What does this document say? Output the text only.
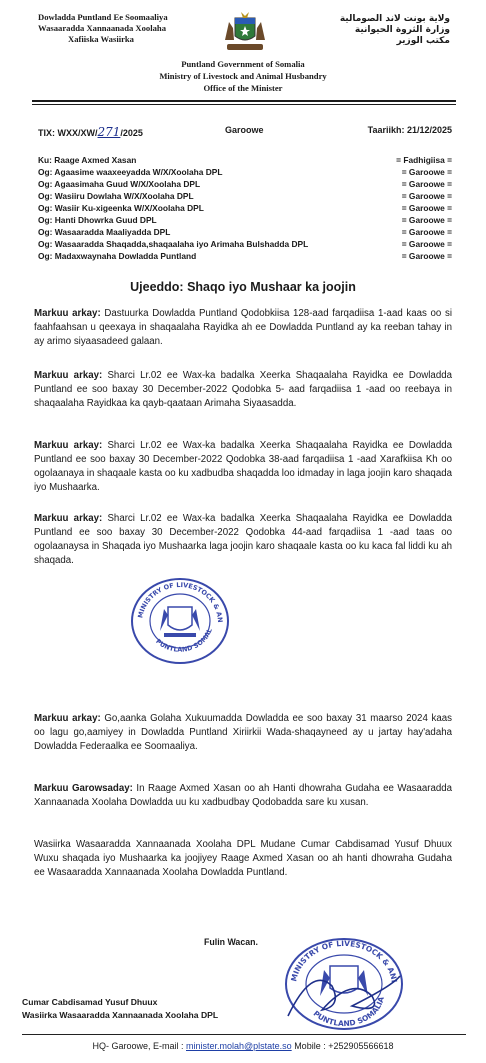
Dowladda Puntland Ee Soomaaliya
Wasaaradda Xannaanada Xoolaha
Xafiiska Wasiirka
ولاية بونت لاند الصومالية
وزارة الثروة الحيوانية
مكتب الوزير
Puntland Government of Somalia
Ministry of Livestock and Animal Husbandry
Office of the Minister
TIX: WXX/XW/271/2025	Garoowe	Taariikh: 21/12/2025
Ku: Raage Axmed Xasan	= Fadhigiisa =
Og: Agaasime waaxeeyadda W/X/Xoolaha DPL	= Garoowe =
Og: Agaasimaha Guud W/X/Xoolaha DPL	= Garoowe =
Og: Wasiiru Dowlaha W/X/Xoolaha DPL	= Garoowe =
Og: Wasiir Ku-xigeenka W/X/Xoolaha DPL	= Garoowe =
Og: Hanti Dhowrka Guud DPL	= Garoowe =
Og: Wasaaradda Maaliyadda DPL	= Garoowe =
Og: Wasaaradda Shaqadda,shaqaalaha iyo Arimaha Bulshadda DPL	= Garoowe =
Og: Madaxwaynaha Dowladda Puntland	= Garoowe =
Ujeeddo: Shaqo iyo Mushaar ka joojin
Markuu arkay: Dastuurka Dowladda Puntland Qodobkiisa 128-aad farqadiisa 1-aad kaas oo si faahfaahsan u qeexaya in shaqaalaha Rayidka ah ee Dowladda Puntland ay ka reeban tahay in ay arimo siyaasadeed galaan.
Markuu arkay: Sharci Lr.02 ee Wax-ka badalka Xeerka Shaqaalaha Rayidka ee Dowladda Puntland ee soo baxay 30 December-2022 Qodobka 5- aad farqadiisa 1 -aad oo reebaya in shaqaalaha Rayidkaa ka qayb-qaataan Arimaha Siyaasadda.
Markuu arkay: Sharci Lr.02 ee Wax-ka badalka Xeerka Shaqaalaha Rayidka ee Dowladda Puntland ee soo baxay 30 December-2022 Qodobka 38-aad farqadiisa 1 -aad Xarafkiisa Kh oo ogolaanaya in shaqaale kasta oo ku xadbudba shaqadda loo idmaday in laga joojin karo shaqada iyo Mushaarka.
Markuu arkay: Sharci Lr.02 ee Wax-ka badalka Xeerka Shaqaalaha Rayidka ee Dowladda Puntland ee soo baxay 30 December-2022 Qodobka 44-aad farqadiisa 1 -aad taas oo ogolaanaysa in Shaqada iyo Mushaarka laga joojin karo shaqaale kasta oo ku kaca fal liddi ku ah shaqada.
MINISTRY OF LIVESTOCK & AN
PUNTLAND SOMAL
Markuu arkay: Go,aanka Golaha Xukuumadda Dowladda ee soo baxay 31 maarso 2024 kaas oo lagu go,aamiyey in Dowladda Puntland Xiriirkii Wada-shaqayneed ay u jartay hay'adaha Dowladda Federaalka ee Soomaaliya.
Markuu Garowsaday: In Raage Axmed Xasan oo ah Hanti dhowraha Gudaha ee Wasaaradda Xannaanada Xoolaha Dowladda uu ku xadbudbay Qodobadda sare ku xusan.
Wasiirka Wasaaradda Xannaanada Xoolaha DPL Mudane Cumar Cabdisamad Yusuf Dhuux Wuxu shaqada iyo Mushaarka ka joojiyey Raage Axmed Xasan oo ah hanti dhowraha Gudaha ee Wasaaradda Xannaanada Xoolaha Dowladda Puntland.
Fulin Wacan.
MINISTRY OF LIVESTOCK & ANI
PUNTLAND SOMALIA
Cumar Cabdisamad Yusuf Dhuux
Wasiirka Wasaaradda Xannaanada Xoolaha DPL
HQ- Garoowe, E-mail : minister.molah@plstate.so Mobile : +252905566618
